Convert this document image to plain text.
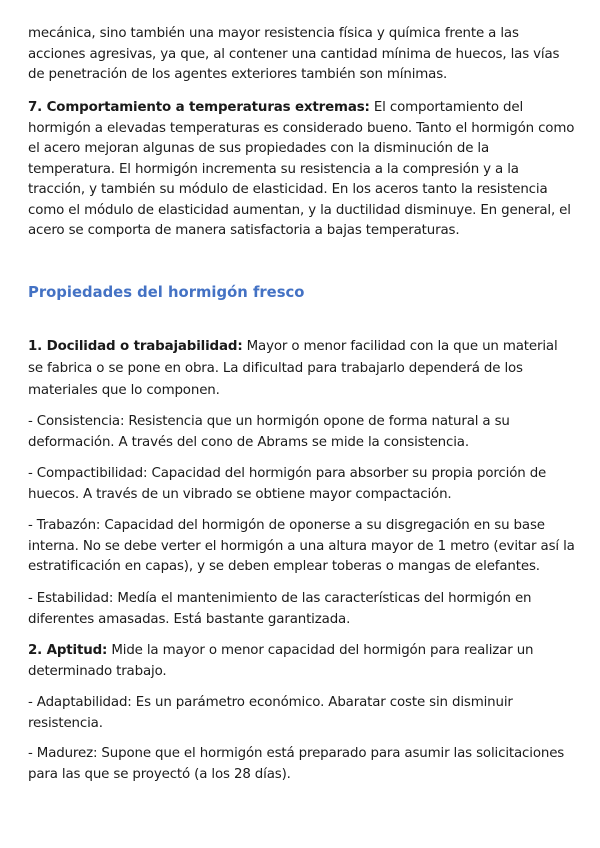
mecánica, sino también una mayor resistencia física y química frente a las acciones agresivas, ya que, al contener una cantidad mínima de huecos, las vías de penetración de los agentes exteriores también son mínimas.

7. Comportamiento a temperaturas extremas: El comportamiento del hormigón a elevadas temperaturas es considerado bueno. Tanto el hormigón como el acero mejoran algunas de sus propiedades con la disminución de la temperatura. El hormigón incrementa su resistencia a la compresión y a la tracción, y también su módulo de elasticidad. En los aceros tanto la resistencia como el módulo de elasticidad aumentan, y la ductilidad disminuye. En general, el acero se comporta de manera satisfactoria a bajas temperaturas.

Propiedades del hormigón fresco

1. Docilidad o trabajabilidad: Mayor o menor facilidad con la que un material se fabrica o se pone en obra. La dificultad para trabajarlo dependerá de los materiales que lo componen.

- Consistencia: Resistencia que un hormigón opone de forma natural a su deformación. A través del cono de Abrams se mide la consistencia.

- Compactibilidad: Capacidad del hormigón para absorber su propia porción de huecos. A través de un vibrado se obtiene mayor compactación.

- Trabazón: Capacidad del hormigón de oponerse a su disgregación en su base interna. No se debe verter el hormigón a una altura mayor de 1 metro (evitar así la estratificación en capas), y se deben emplear toberas o mangas de elefantes.

- Estabilidad: Medía el mantenimiento de las características del hormigón en diferentes amasadas. Está bastante garantizada.

2. Aptitud: Mide la mayor o menor capacidad del hormigón para realizar un determinado trabajo.

- Adaptabilidad: Es un parámetro económico. Abaratar coste sin disminuir resistencia.

- Madurez: Supone que el hormigón está preparado para asumir las solicitaciones para las que se proyectó (a los 28 días).
